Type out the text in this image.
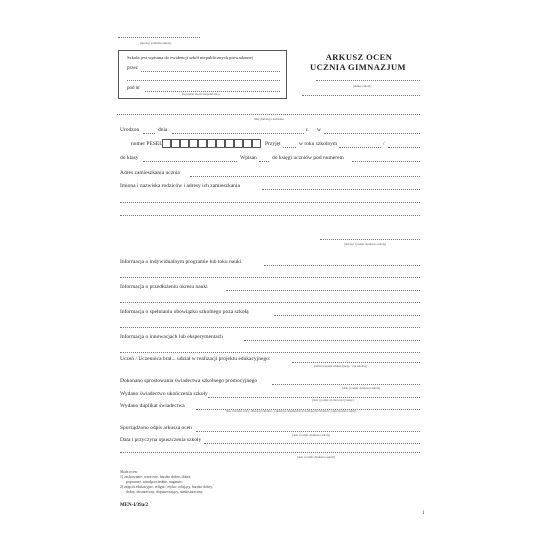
(pieczęć podłużna szkoły)
Szkoła jest wpisana do ewidencji szkół niepublicznych prowadzonej
przez
pod nr
(wypełnia szkoła niepubliczna)
ARKUSZ OCEN
UCZNIA GIMNAZJUM
(numer szkoły)
imię (imiona) i nazwisko
Urodzon	dnia	r. w
numer PESEL	Przyjęt	w roku szkolnym	/
do klasy	Wpisan	do księgi uczniów pod numerem
Adres zamieszkania ucznia
Imiona i nazwiska rodziców i adresy ich zamieszkania
(pieczęć i podpis dyrektora szkoły)
Informacja o indywidualnym programie lub toku nauki
Informacja o przedłużeniu okresu nauki
Informacja o spełnianiu obowiązku szkolnego poza szkołą
Informacja o innowacjach lub eksperymentach
Uczeń / Uczennica brał... udział w realizacji projektu edukacyjnego:
(temat projektu edukacyjnego / rok szkolny)
Dokonano sprostowania świadectwa szkolnego promocyjnego
(data i podpis dyrektora szkoły)
Wydano świadectwo ukończenia szkoły
(data i podpis wychowawcy klasy)
Wydano duplikat świadectwa
(data, nazwisko osoby odbierającej duplikat - wymienione dokumentem stwierdzającym tożsamość, podpis dyrektora szkoły)
Sporządzono odpis arkusza ocen
(data i podpis dyrektora szkoły)
Data i przyczyna opuszczenia szkoły
(data i podpis dyrektora szkoły)
Skala ocen:
1) zachowanie: wzorowe, bardzo dobre, dobre,
poprawne, nieodpowiednie, naganne;
2) zajęcia edukacyjne, religia / etyka: celujący, bardzo dobry,
dobry, dostateczny, dopuszczający, niedostateczny.
MEN-I/39a/2
1
